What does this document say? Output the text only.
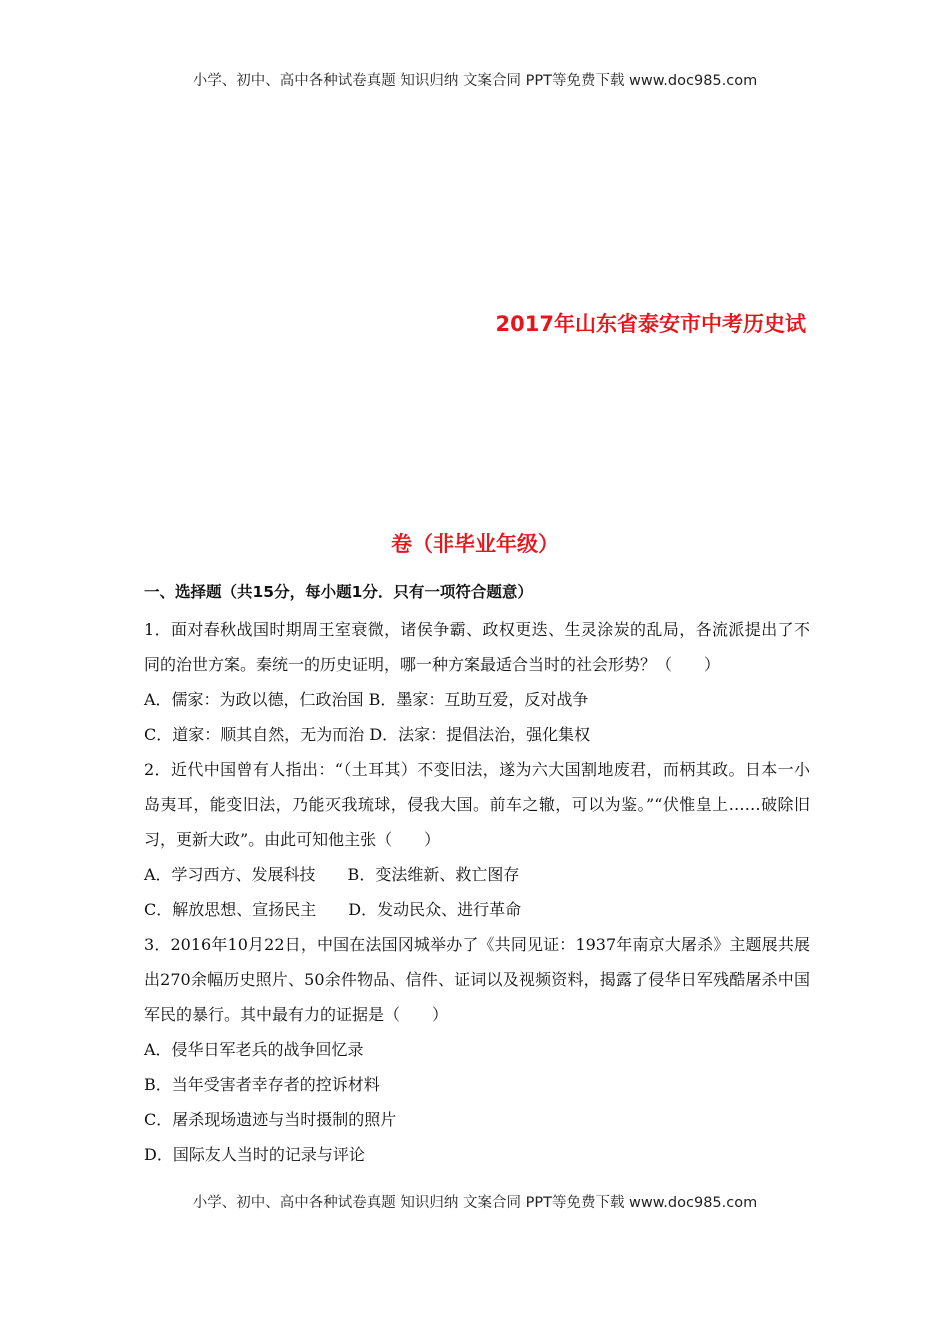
小学、初中、高中各种试卷真题 知识归纳 文案合同 PPT等免费下载 www.doc985.com
2017年山东省泰安市中考历史试
卷（非毕业年级）
一、选择题（共15分，每小题1分．只有一项符合题意）

1．面对春秋战国时期周王室衰微，诸侯争霸、政权更迭、生灵涂炭的乱局，各流派提出了不同的治世方案。秦统一的历史证明，哪一种方案最适合当时的社会形势？（　　）

A．儒家：为政以德，仁政治国 B．墨家：互助互爱，反对战争

C．道家：顺其自然，无为而治 D．法家：提倡法治，强化集权

2．近代中国曾有人指出：“（土耳其）不变旧法，遂为六大国割地废君，而柄其政。日本一小岛夷耳，能变旧法，乃能灭我琉球，侵我大国。前车之辙，可以为鉴。”“伏惟皇上……破除旧习，更新大政”。由此可知他主张（　　）

A．学习西方、发展科技　　B．变法维新、救亡图存

C．解放思想、宣扬民主　　D．发动民众、进行革命

3．2016年10月22日，中国在法国冈城举办了《共同见证：1937年南京大屠杀》主题展共展出270余幅历史照片、50余件物品、信件、证词以及视频资料，揭露了侵华日军残酷屠杀中国军民的暴行。其中最有力的证据是（　　）

A．侵华日军老兵的战争回忆录

B．当年受害者幸存者的控诉材料

C．屠杀现场遗迹与当时摄制的照片

D．国际友人当时的记录与评论

小学、初中、高中各种试卷真题 知识归纳 文案合同 PPT等免费下载 www.doc985.com
